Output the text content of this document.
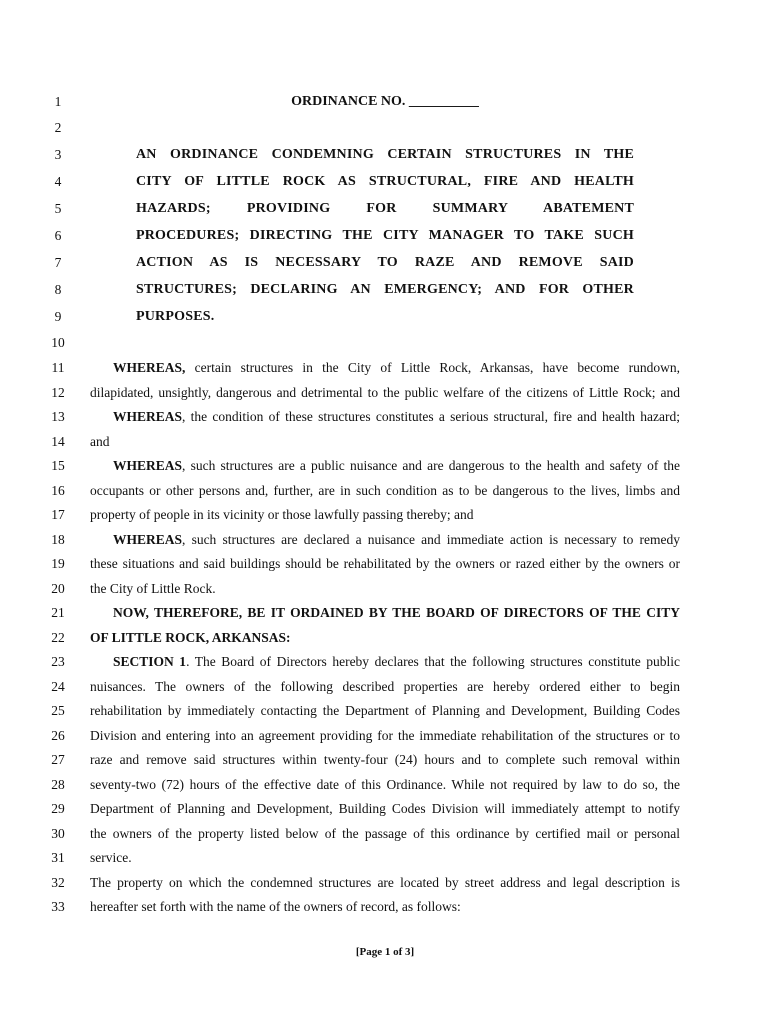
1
2
3
4
5
6
7
8
9
10
11
12
13
14
15
16
17
18
19
20
21
22
23
24
25
26
27
28
29
30
31
32
33
ORDINANCE NO. __________
AN ORDINANCE CONDEMNING CERTAIN STRUCTURES IN THE
CITY OF LITTLE ROCK AS STRUCTURAL, FIRE AND HEALTH
HAZARDS; PROVIDING FOR SUMMARY ABATEMENT
PROCEDURES; DIRECTING THE CITY MANAGER TO TAKE SUCH
ACTION AS IS NECESSARY TO RAZE AND REMOVE SAID
STRUCTURES; DECLARING AN EMERGENCY; AND FOR OTHER
PURPOSES.
WHEREAS, certain structures in the City of Little Rock, Arkansas, have become rundown,
dilapidated, unsightly, dangerous and detrimental to the public welfare of the citizens of Little Rock; and
WHEREAS, the condition of these structures constitutes a serious structural, fire and health hazard;
and
WHEREAS, such structures are a public nuisance and are dangerous to the health and safety of the
occupants or other persons and, further, are in such condition as to be dangerous to the lives, limbs and
property of people in its vicinity or those lawfully passing thereby; and
WHEREAS, such structures are declared a nuisance and immediate action is necessary to remedy
these situations and said buildings should be rehabilitated by the owners or razed either by the owners or
the City of Little Rock.
NOW, THEREFORE, BE IT ORDAINED BY THE BOARD OF DIRECTORS OF THE CITY
OF LITTLE ROCK, ARKANSAS:
SECTION 1. The Board of Directors hereby declares that the following structures constitute public
nuisances. The owners of the following described properties are hereby ordered either to begin
rehabilitation by immediately contacting the Department of Planning and Development, Building Codes
Division and entering into an agreement providing for the immediate rehabilitation of the structures or to
raze and remove said structures within twenty-four (24) hours and to complete such removal within
seventy-two (72) hours of the effective date of this Ordinance. While not required by law to do so, the
Department of Planning and Development, Building Codes Division will immediately attempt to notify
the owners of the property listed below of the passage of this ordinance by certified mail or personal
service.
The property on which the condemned structures are located by street address and legal description is
hereafter set forth with the name of the owners of record, as follows:
[Page 1 of 3]
